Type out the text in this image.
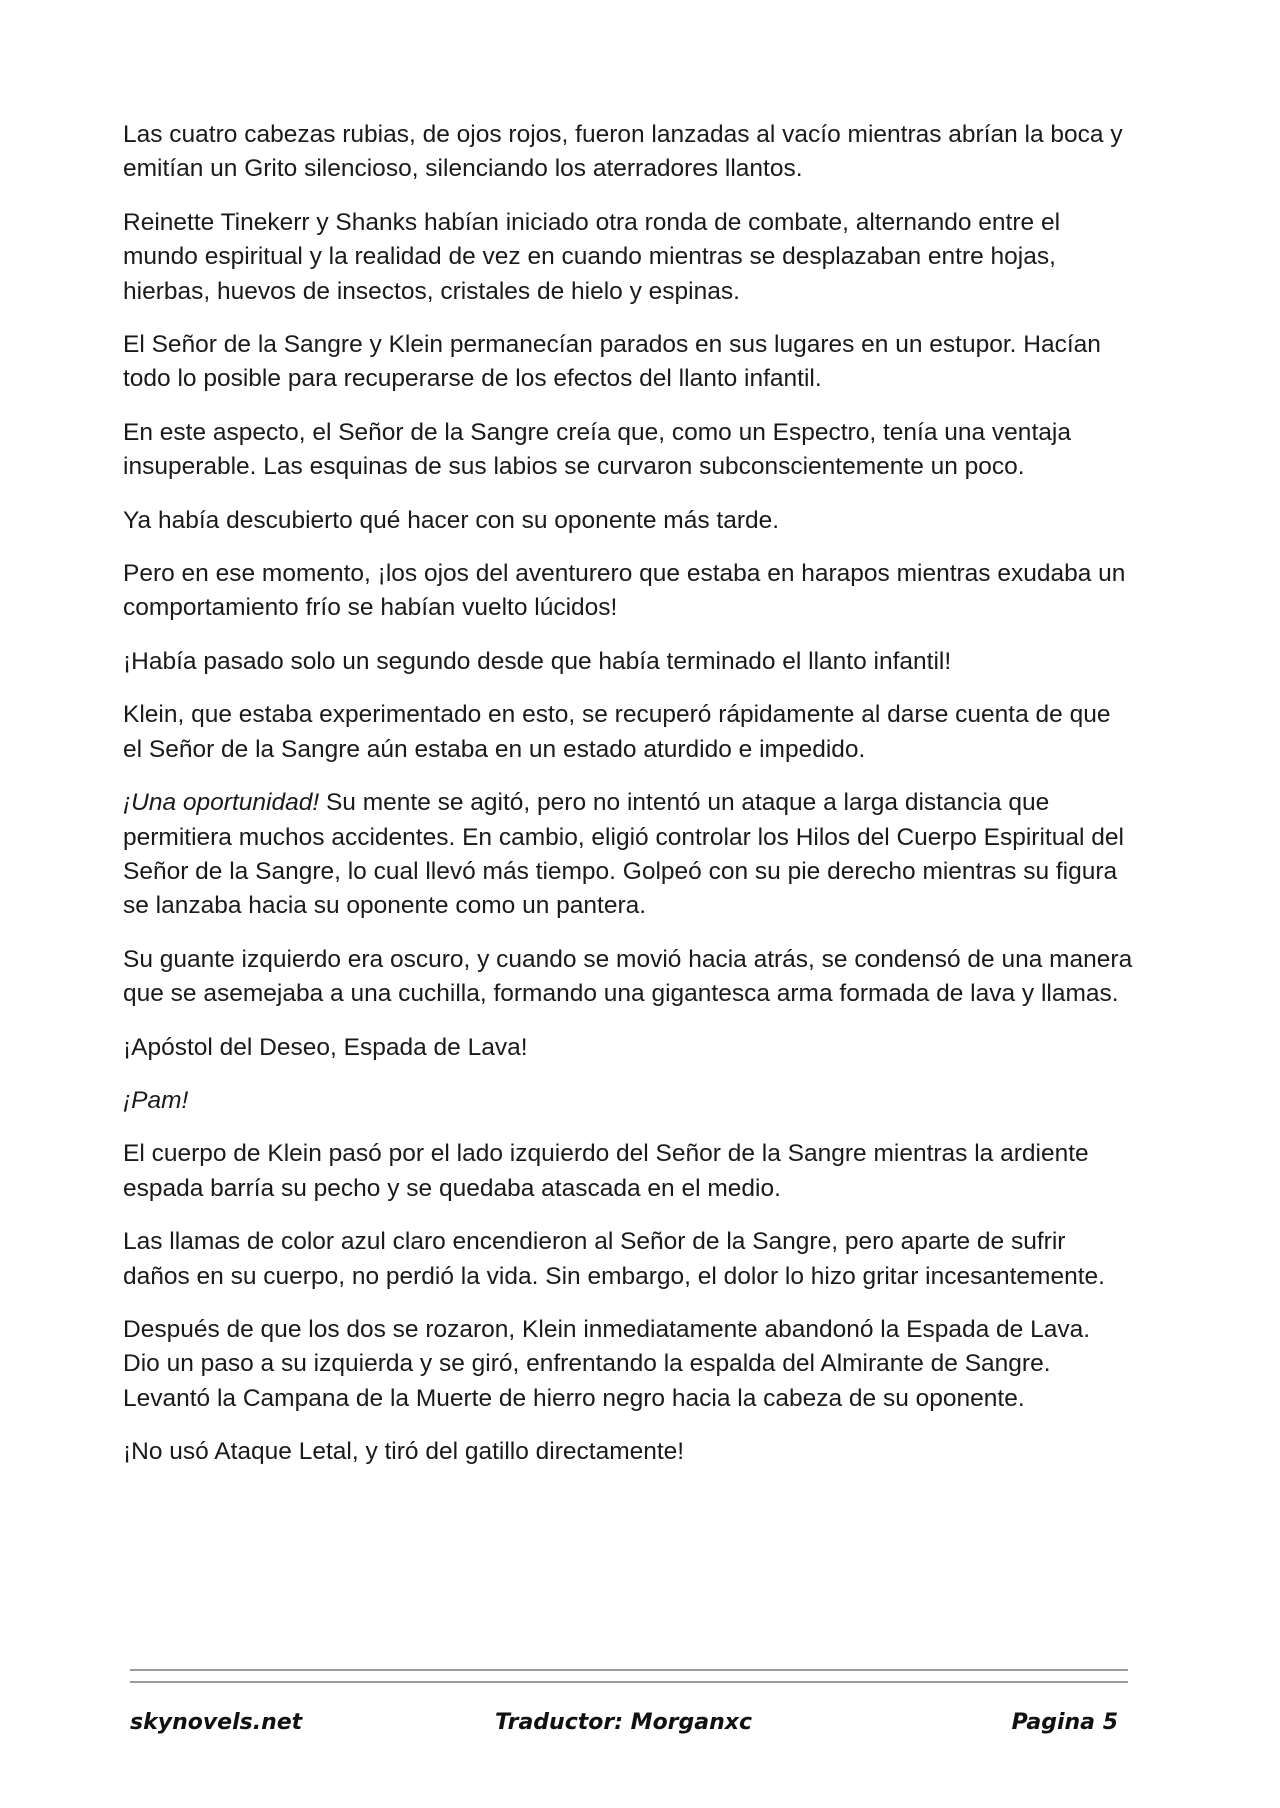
Las cuatro cabezas rubias, de ojos rojos, fueron lanzadas al vacío mientras abrían la boca y emitían un Grito silencioso, silenciando los aterradores llantos.

Reinette Tinekerr y Shanks habían iniciado otra ronda de combate, alternando entre el mundo espiritual y la realidad de vez en cuando mientras se desplazaban entre hojas, hierbas, huevos de insectos, cristales de hielo y espinas.

El Señor de la Sangre y Klein permanecían parados en sus lugares en un estupor. Hacían todo lo posible para recuperarse de los efectos del llanto infantil.

En este aspecto, el Señor de la Sangre creía que, como un Espectro, tenía una ventaja insuperable. Las esquinas de sus labios se curvaron subconscientemente un poco.

Ya había descubierto qué hacer con su oponente más tarde.

Pero en ese momento, ¡los ojos del aventurero que estaba en harapos mientras exudaba un comportamiento frío se habían vuelto lúcidos!

¡Había pasado solo un segundo desde que había terminado el llanto infantil!

Klein, que estaba experimentado en esto, se recuperó rápidamente al darse cuenta de que el Señor de la Sangre aún estaba en un estado aturdido e impedido.

¡Una oportunidad! Su mente se agitó, pero no intentó un ataque a larga distancia que permitiera muchos accidentes. En cambio, eligió controlar los Hilos del Cuerpo Espiritual del Señor de la Sangre, lo cual llevó más tiempo. Golpeó con su pie derecho mientras su figura se lanzaba hacia su oponente como un pantera.

Su guante izquierdo era oscuro, y cuando se movió hacia atrás, se condensó de una manera que se asemejaba a una cuchilla, formando una gigantesca arma formada de lava y llamas.

¡Apóstol del Deseo, Espada de Lava!

¡Pam!

El cuerpo de Klein pasó por el lado izquierdo del Señor de la Sangre mientras la ardiente espada barría su pecho y se quedaba atascada en el medio.

Las llamas de color azul claro encendieron al Señor de la Sangre, pero aparte de sufrir daños en su cuerpo, no perdió la vida. Sin embargo, el dolor lo hizo gritar incesantemente.

Después de que los dos se rozaron, Klein inmediatamente abandonó la Espada de Lava. Dio un paso a su izquierda y se giró, enfrentando la espalda del Almirante de Sangre. Levantó la Campana de la Muerte de hierro negro hacia la cabeza de su oponente.

¡No usó Ataque Letal, y tiró del gatillo directamente!

skynovels.net	Traductor: Morganxc	Pagina 5
